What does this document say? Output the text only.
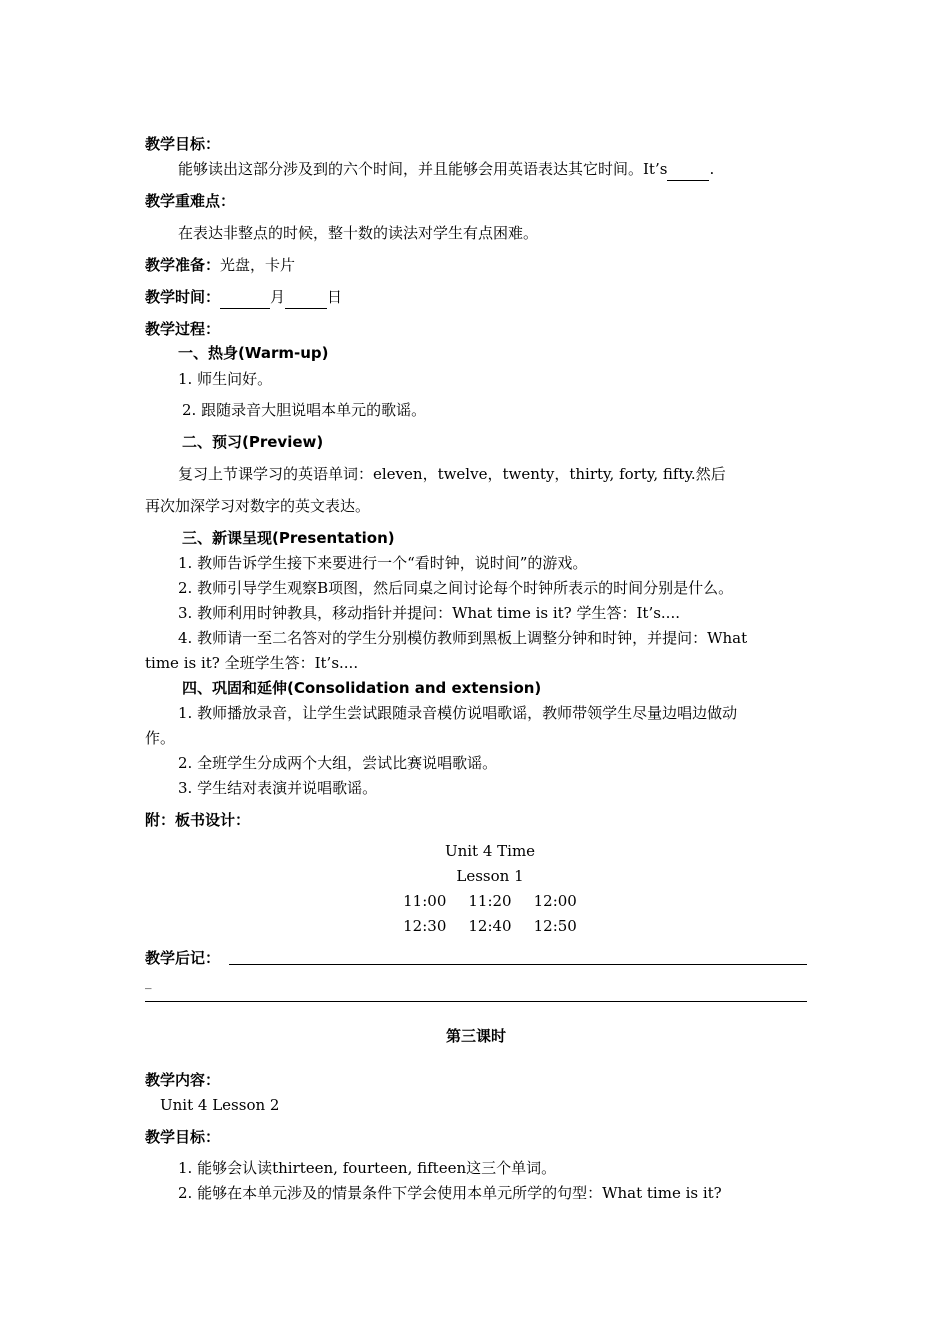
教学目标：
能够读出这部分涉及到的六个时间，并且能够会用英语表达其它时间。It’s	.
教学重难点：
在表达非整点的时候，整十数的读法对学生有点困难。
教学准备：光盘，卡片
教学时间：	月	日
教学过程：
一、热身(Warm-up)
1. 师生问好。
2. 跟随录音大胆说唱本单元的歌谣。
二、预习(Preview)
复习上节课学习的英语单词：eleven，twelve，twenty，thirty, forty, fifty.然后
再次加深学习对数字的英文表达。
三、新课呈现(Presentation)
1. 教师告诉学生接下来要进行一个“看时钟，说时间”的游戏。
2. 教师引导学生观察B项图，然后同桌之间讨论每个时钟所表示的时间分别是什么。
3. 教师利用时钟教具，移动指针并提问：What time is it? 学生答：It’s....
4. 教师请一至二名答对的学生分别模仿教师到黑板上调整分钟和时钟，并提问：What
time is it? 全班学生答：It’s....
四、巩固和延伸(Consolidation and extension)
1. 教师播放录音，让学生尝试跟随录音模仿说唱歌谣，教师带领学生尽量边唱边做动
作。
2. 全班学生分成两个大组，尝试比赛说唱歌谣。
3. 学生结对表演并说唱歌谣。
附：板书设计：
Unit 4 Time
Lesson 1
11:00 11:20 12:00
12:30 12:40 12:50
教学后记：
_
第三课时
教学内容：
Unit 4 Lesson 2
教学目标：
1. 能够会认读thirteen, fourteen, fifteen这三个单词。
2. 能够在本单元涉及的情景条件下学会使用本单元所学的句型：What time is it?
